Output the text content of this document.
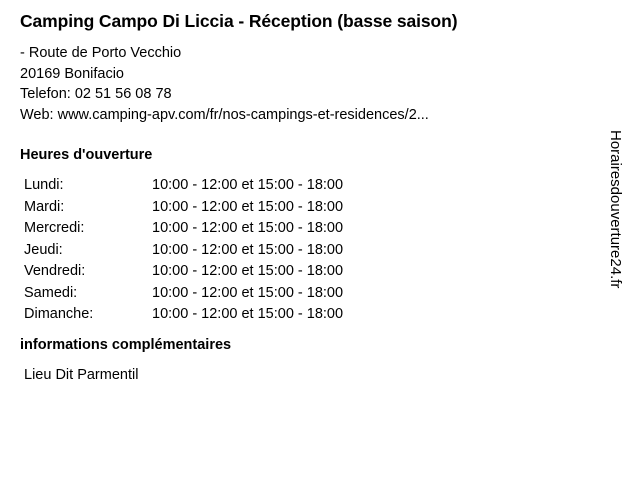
Camping Campo Di Liccia - Réception (basse saison)
- Route de Porto Vecchio
20169 Bonifacio
Telefon: 02 51 56 08 78
Web: www.camping-apv.com/fr/nos-campings-et-residences/2...
Heures d'ouverture
Lundi:	10:00 - 12:00 et 15:00 - 18:00
Mardi:	10:00 - 12:00 et 15:00 - 18:00
Mercredi:	10:00 - 12:00 et 15:00 - 18:00
Jeudi:	10:00 - 12:00 et 15:00 - 18:00
Vendredi:	10:00 - 12:00 et 15:00 - 18:00
Samedi:	10:00 - 12:00 et 15:00 - 18:00
Dimanche:	10:00 - 12:00 et 15:00 - 18:00
informations complémentaires
Lieu Dit Parmentil
Horairesdouverture24.fr
